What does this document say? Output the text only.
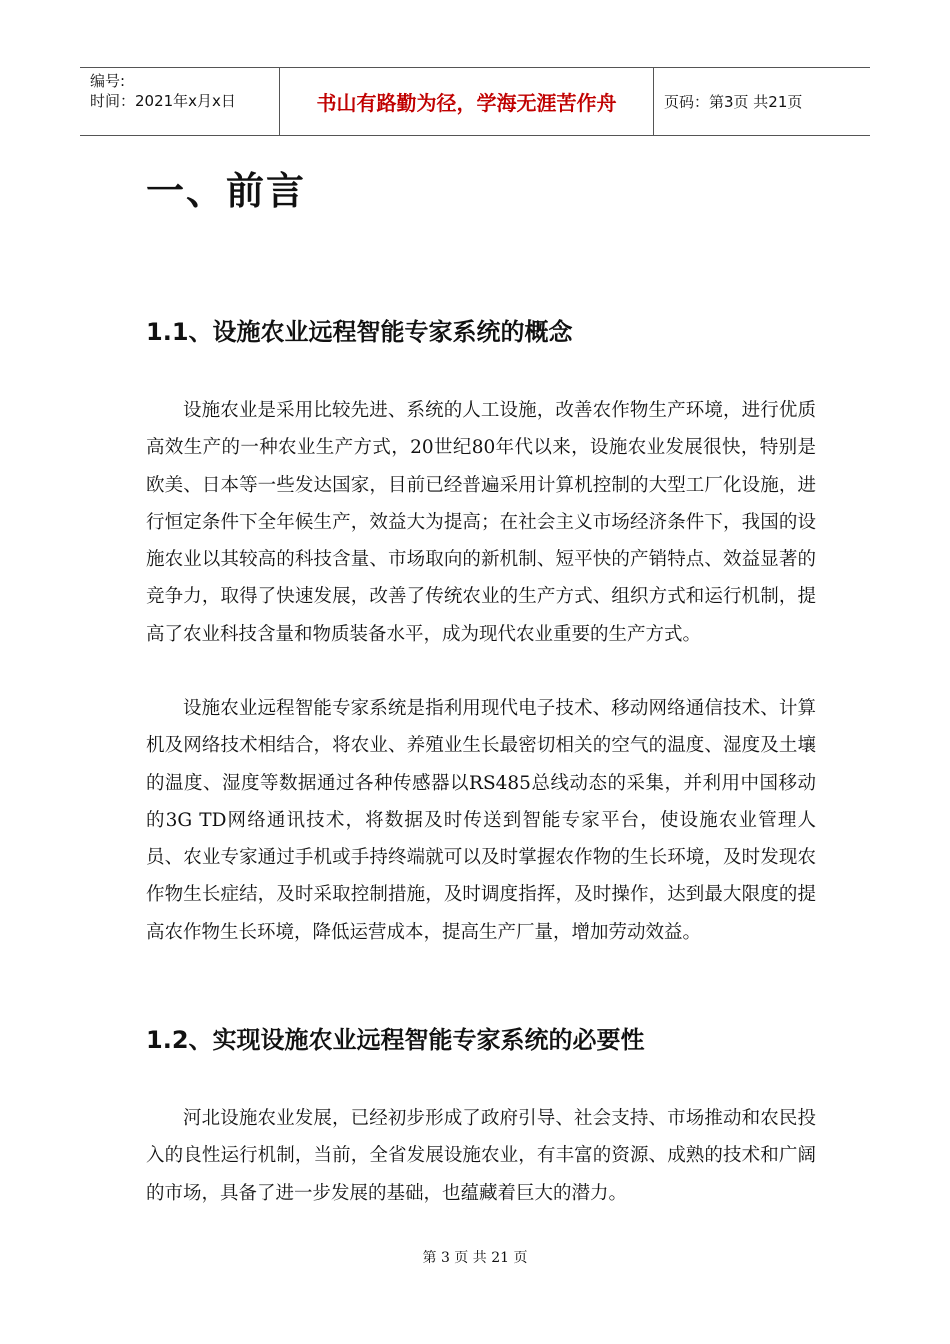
编号:
时间：2021年x月x日	书山有路勤为径，学海无涯苦作舟	页码：第3页 共21页
一、前言
1.1、设施农业远程智能专家系统的概念

设施农业是采用比较先进、系统的人工设施，改善农作物生产环境，进行优质高效生产的一种农业生产方式，20世纪80年代以来，设施农业发展很快，特别是欧美、日本等一些发达国家，目前已经普遍采用计算机控制的大型工厂化设施，进行恒定条件下全年候生产，效益大为提高；在社会主义市场经济条件下，我国的设施农业以其较高的科技含量、市场取向的新机制、短平快的产销特点、效益显著的竞争力，取得了快速发展，改善了传统农业的生产方式、组织方式和运行机制，提高了农业科技含量和物质装备水平，成为现代农业重要的生产方式。

设施农业远程智能专家系统是指利用现代电子技术、移动网络通信技术、计算机及网络技术相结合，将农业、养殖业生长最密切相关的空气的温度、湿度及土壤的温度、湿度等数据通过各种传感器以RS485总线动态的采集，并利用中国移动的3G TD网络通讯技术，将数据及时传送到智能专家平台，使设施农业管理人员、农业专家通过手机或手持终端就可以及时掌握农作物的生长环境，及时发现农作物生长症结，及时采取控制措施，及时调度指挥，及时操作，达到最大限度的提高农作物生长环境，降低运营成本，提高生产厂量，增加劳动效益。

1.2、实现设施农业远程智能专家系统的必要性

河北设施农业发展，已经初步形成了政府引导、社会支持、市场推动和农民投入的良性运行机制，当前，全省发展设施农业，有丰富的资源、成熟的技术和广阔的市场，具备了进一步发展的基础，也蕴藏着巨大的潜力。

第 3 页 共 21 页
